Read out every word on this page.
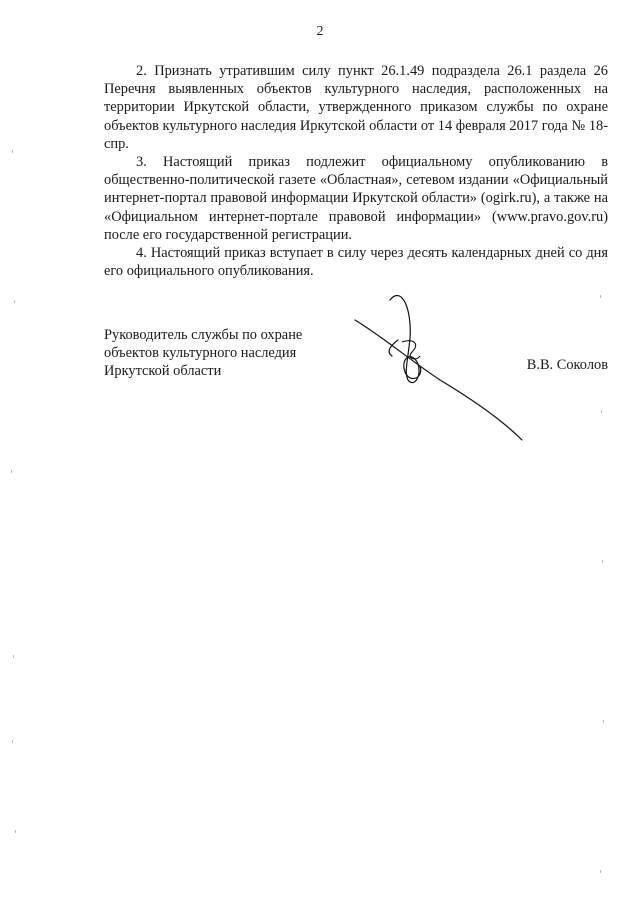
2

2. Признать утратившим силу пункт 26.1.49 подраздела 26.1 раздела 26 Перечня выявленных объектов культурного наследия, расположенных на территории Иркутской области, утвержденного приказом службы по охране объектов культурного наследия Иркутской области от 14 февраля 2017 года № 18-спр.

3. Настоящий приказ подлежит официальному опубликованию в общественно-политической газете «Областная», сетевом издании «Официальный интернет-портал правовой информации Иркутской области» (ogirk.ru), а также на «Официальном интернет-портале правовой информации» (www.pravo.gov.ru) после его государственной регистрации.

4. Настоящий приказ вступает в силу через десять календарных дней со дня его официального опубликования.

Руководитель службы по охране
объектов культурного наследия
Иркутской области	В.В. Соколов
